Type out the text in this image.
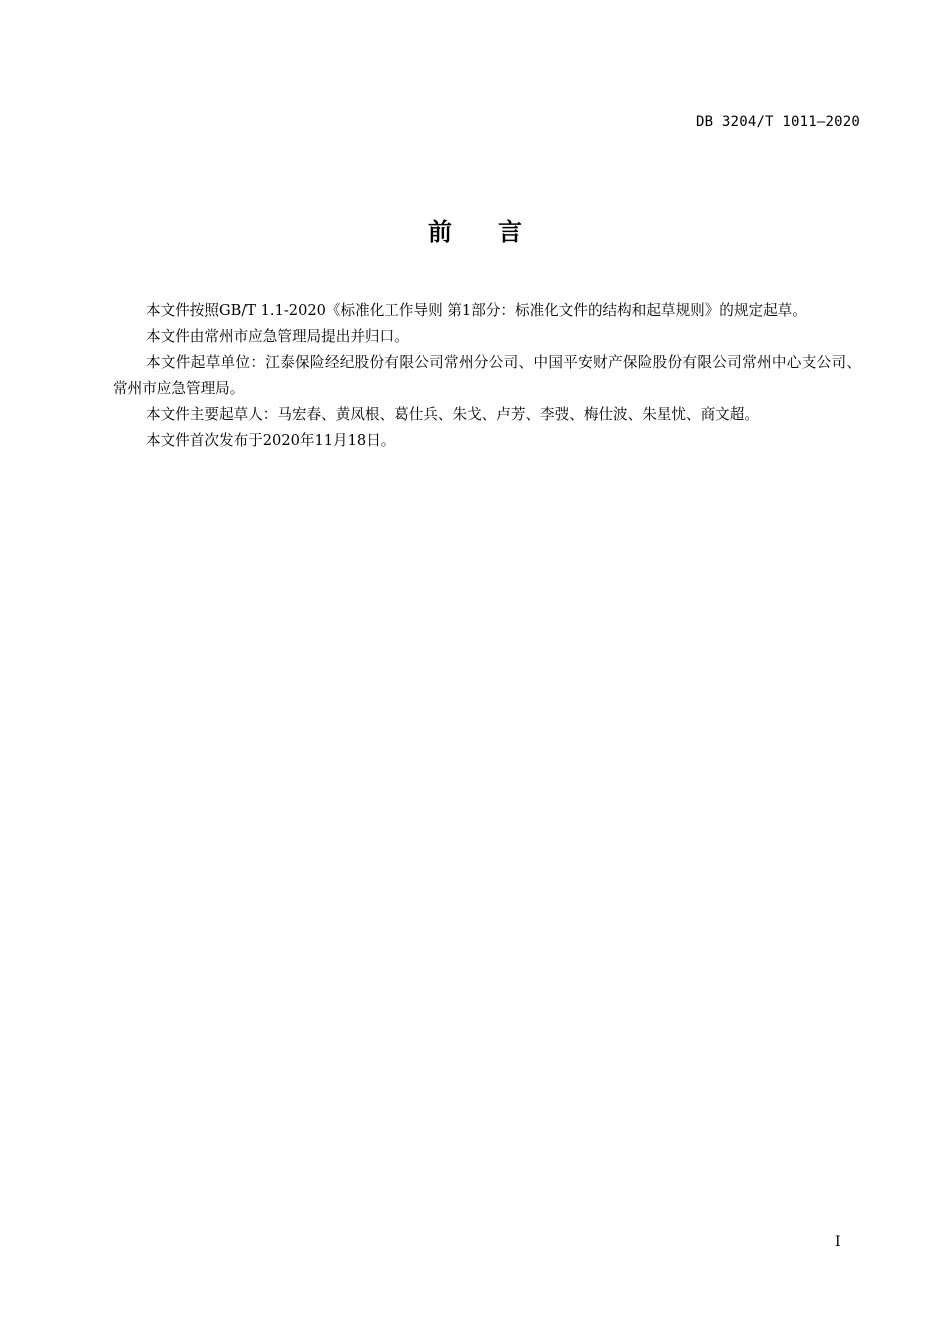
DB 3204/T 1011—2020
前言

本文件按照GB/T 1.1-2020《标准化工作导则 第1部分：标准化文件的结构和起草规则》的规定起草。

本文件由常州市应急管理局提出并归口。

本文件起草单位：江泰保险经纪股份有限公司常州分公司、中国平安财产保险股份有限公司常州中心支公司、常州市应急管理局。

本文件主要起草人：马宏春、黄凤根、葛仕兵、朱戈、卢芳、李弢、梅仕波、朱星忧、商文超。

本文件首次发布于2020年11月18日。

I
